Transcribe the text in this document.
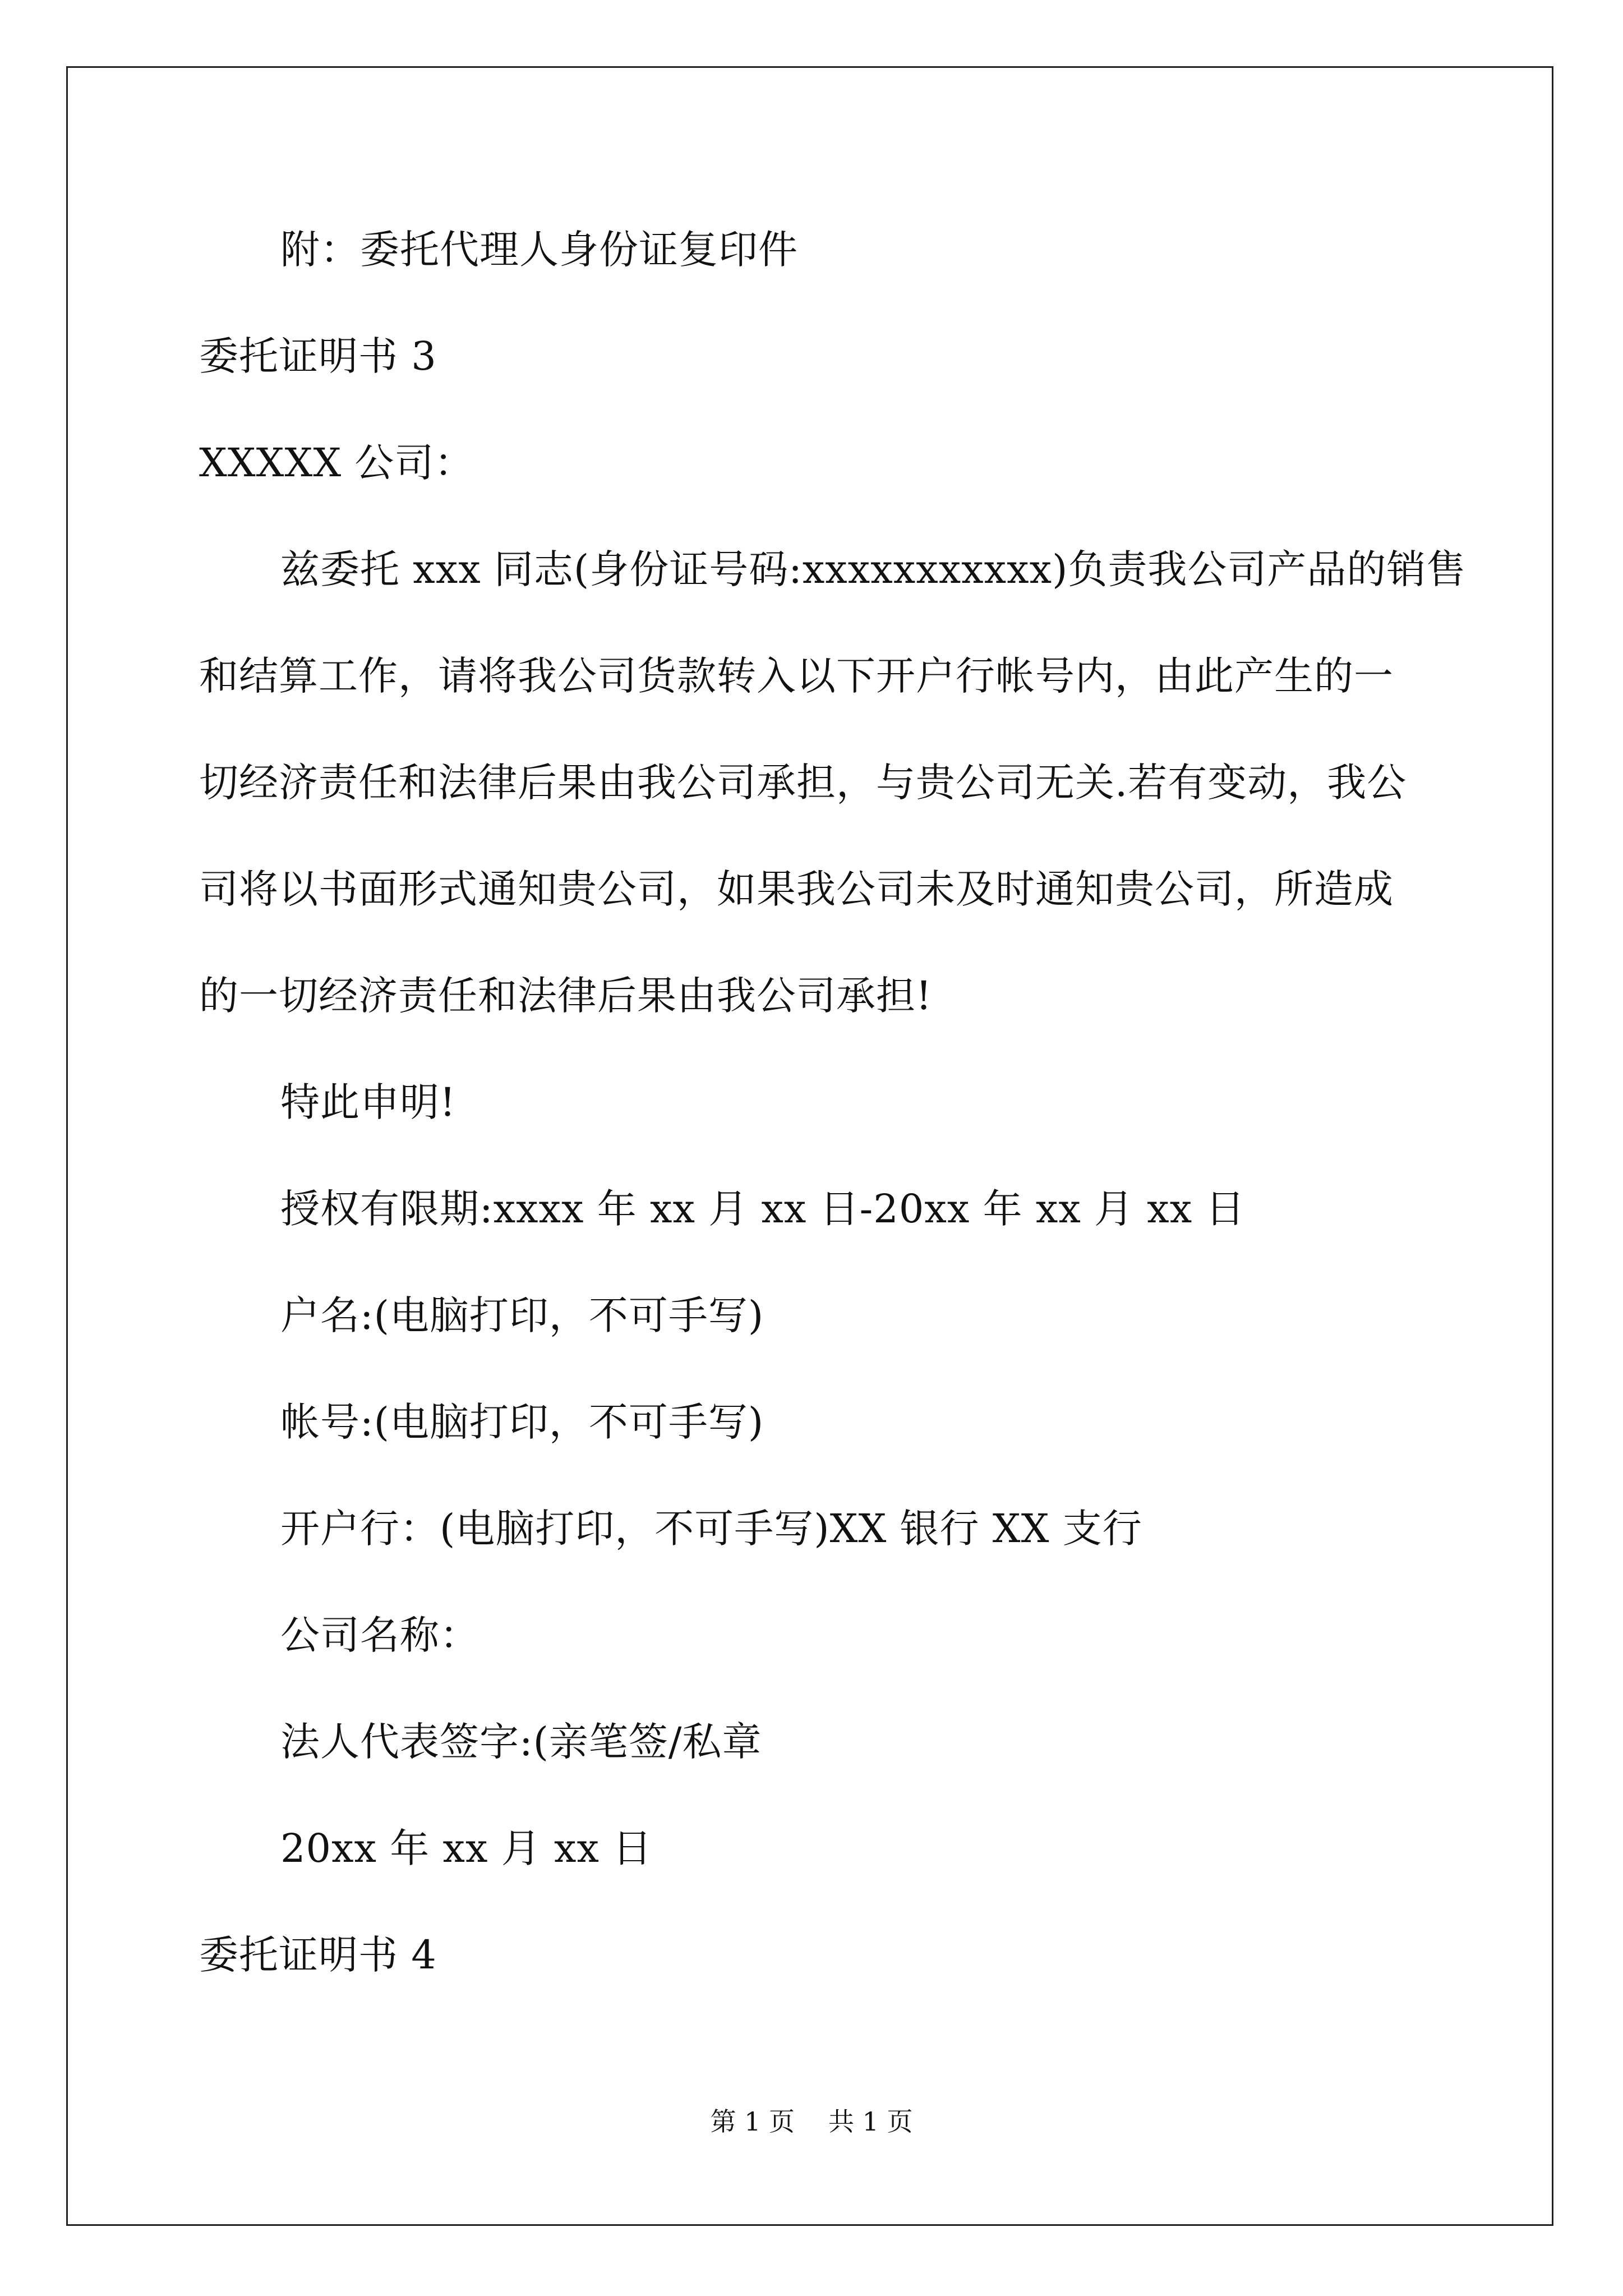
附：委托代理人身份证复印件
委托证明书 3
XXXXX 公司：
兹委托 xxx 同志(身份证号码:xxxxxxxxxxx)负责我公司产品的销售
和结算工作，请将我公司货款转入以下开户行帐号内，由此产生的一
切经济责任和法律后果由我公司承担，与贵公司无关.若有变动，我公
司将以书面形式通知贵公司，如果我公司未及时通知贵公司，所造成
的一切经济责任和法律后果由我公司承担!
特此申明!
授权有限期:xxxx 年 xx 月 xx 日-20xx 年 xx 月 xx 日
户名:(电脑打印，不可手写)
帐号:(电脑打印，不可手写)
开户行：(电脑打印，不可手写)XX 银行 XX 支行
公司名称：
法人代表签字:(亲笔签/私章
20xx 年 xx 月 xx 日
委托证明书 4
第 1 页 共 1 页
